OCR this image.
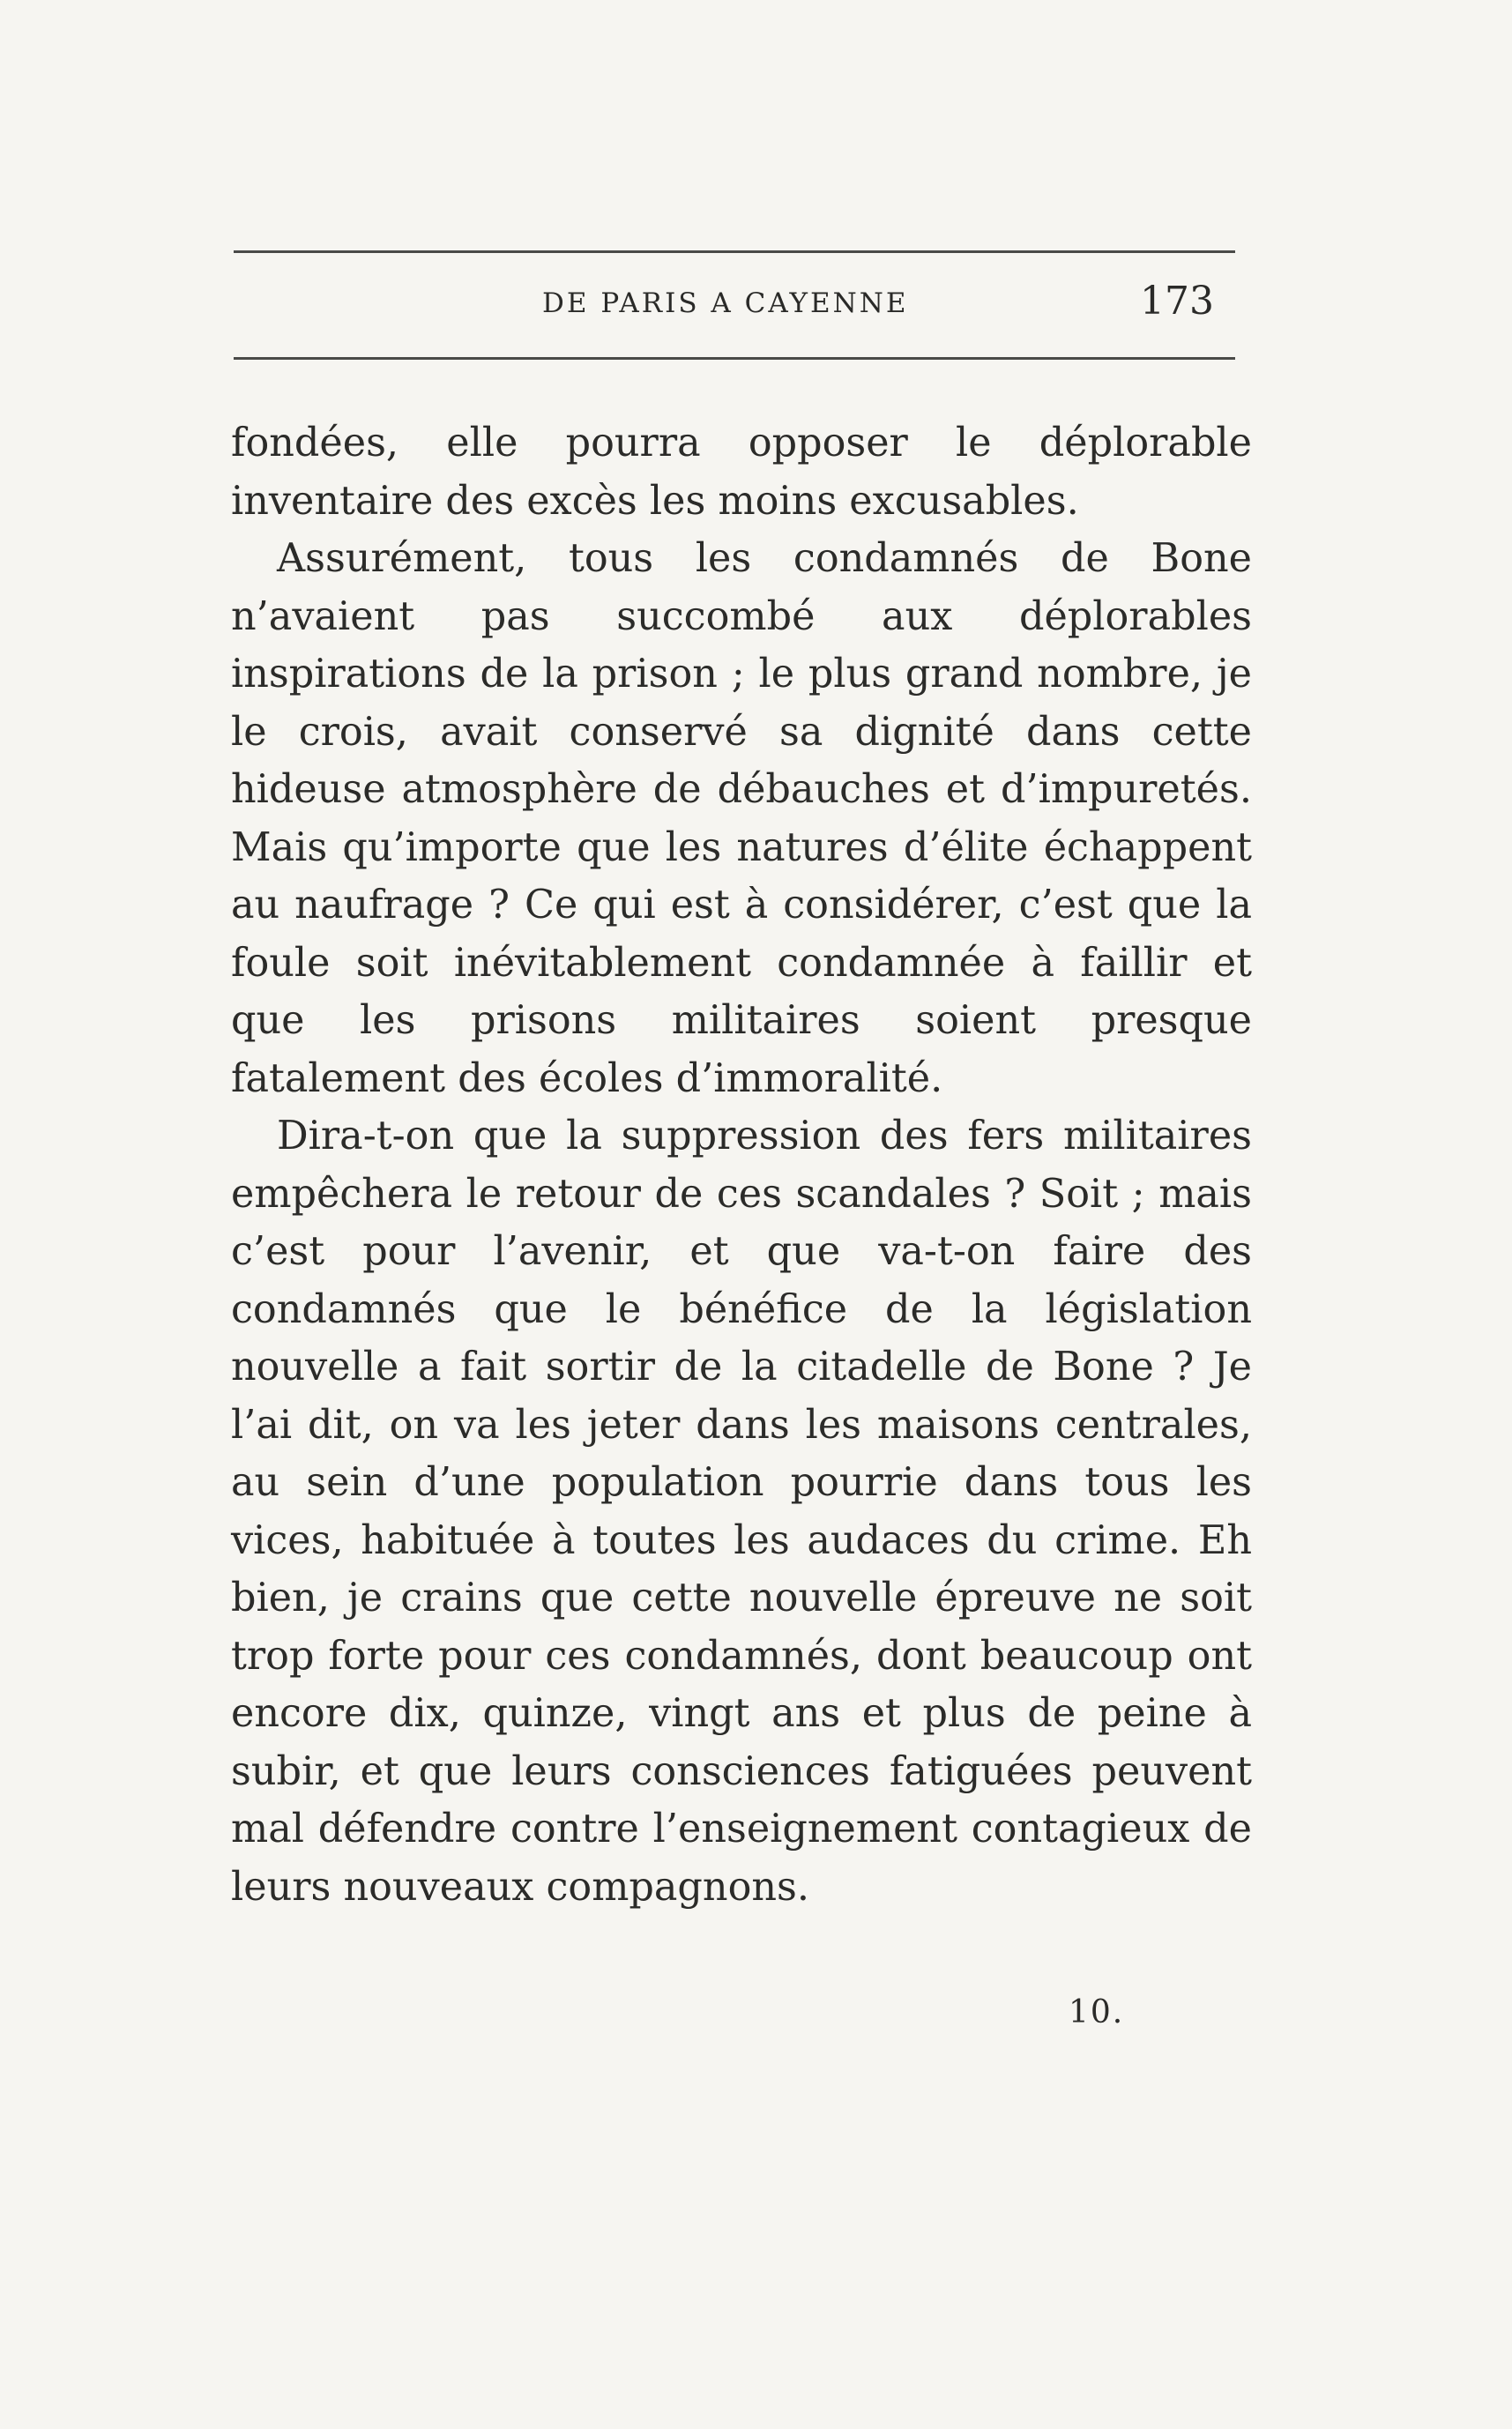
DE PARIS A CAYENNE	173

fondées, elle pourra opposer le déplorable inventaire des excès les moins excusables.

Assurément, tous les condamnés de Bone n’avaient pas succombé aux déplorables inspirations de la prison ; le plus grand nombre, je le crois, avait conservé sa dignité dans cette hideuse atmosphère de débauches et d’impuretés. Mais qu’importe que les natures d’élite échappent au naufrage ? Ce qui est à considérer, c’est que la foule soit inévitablement condamnée à faillir et que les prisons militaires soient presque fatalement des écoles d’immoralité.

Dira-t-on que la suppression des fers militaires empêchera le retour de ces scandales ? Soit ; mais c’est pour l’avenir, et que va-t-on faire des condamnés que le bénéfice de la législation nouvelle a fait sortir de la citadelle de Bone ? Je l’ai dit, on va les jeter dans les maisons centrales, au sein d’une population pourrie dans tous les vices, habituée à toutes les audaces du crime. Eh bien, je crains que cette nouvelle épreuve ne soit trop forte pour ces condamnés, dont beaucoup ont encore dix, quinze, vingt ans et plus de peine à subir, et que leurs consciences fatiguées peuvent mal défendre contre l’enseignement contagieux de leurs nouveaux compagnons.

10.
